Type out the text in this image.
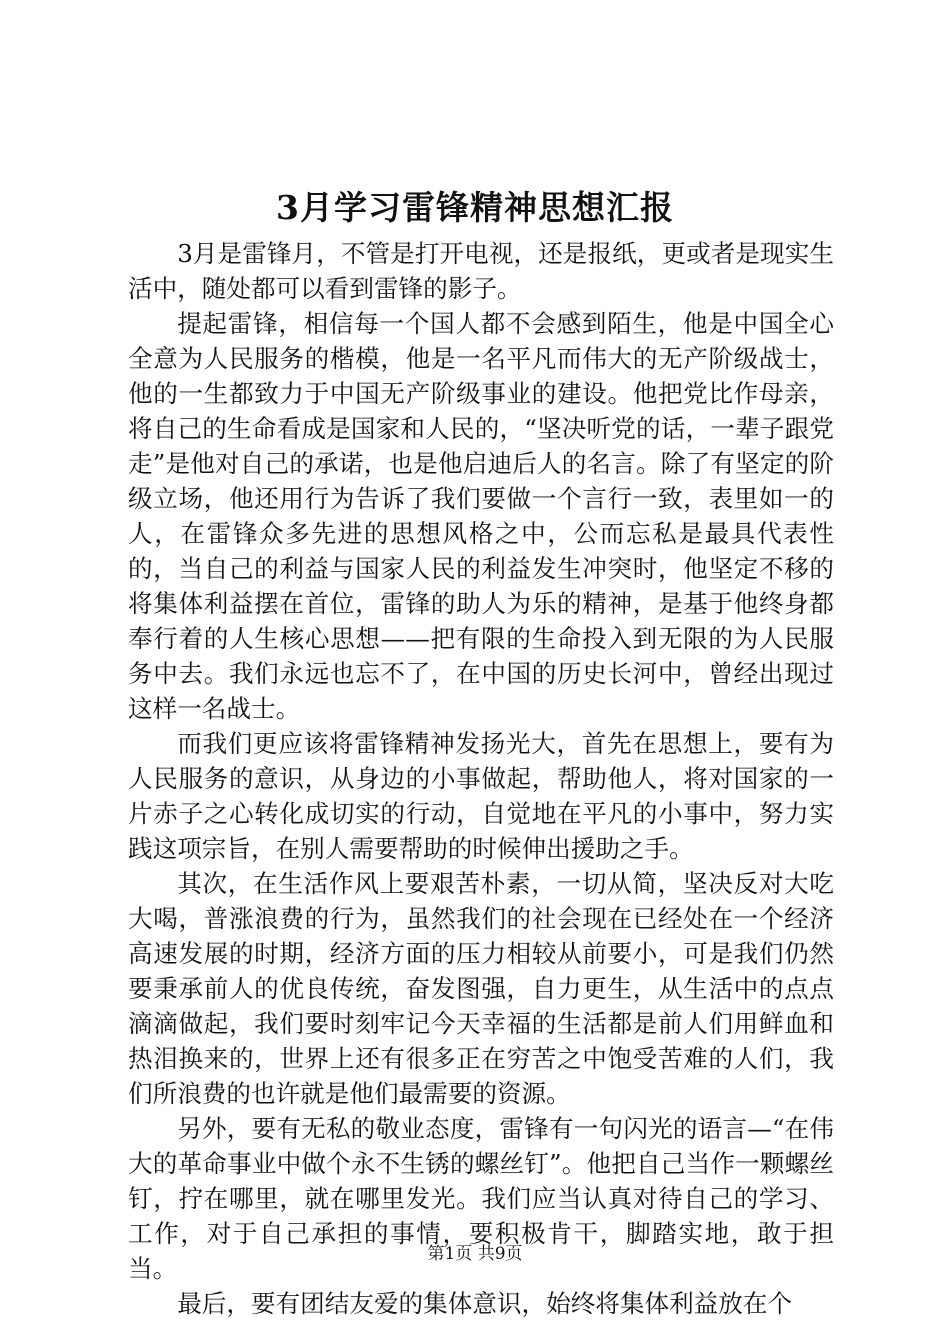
3月学习雷锋精神思想汇报

3月是雷锋月，不管是打开电视，还是报纸，更或者是现实生活中，随处都可以看到雷锋的影子。

提起雷锋，相信每一个国人都不会感到陌生，他是中国全心全意为人民服务的楷模，他是一名平凡而伟大的无产阶级战士，他的一生都致力于中国无产阶级事业的建设。他把党比作母亲，将自己的生命看成是国家和人民的，“坚决听党的话，一辈子跟党走”是他对自己的承诺，也是他启迪后人的名言。除了有坚定的阶级立场，他还用行为告诉了我们要做一个言行一致，表里如一的人，在雷锋众多先进的思想风格之中，公而忘私是最具代表性的，当自己的利益与国家人民的利益发生冲突时，他坚定不移的将集体利益摆在首位，雷锋的助人为乐的精神，是基于他终身都奉行着的人生核心思想——把有限的生命投入到无限的为人民服务中去。我们永远也忘不了，在中国的历史长河中，曾经出现过这样一名战士。

而我们更应该将雷锋精神发扬光大，首先在思想上，要有为人民服务的意识，从身边的小事做起，帮助他人，将对国家的一片赤子之心转化成切实的行动，自觉地在平凡的小事中，努力实践这项宗旨，在别人需要帮助的时候伸出援助之手。

其次，在生活作风上要艰苦朴素，一切从简，坚决反对大吃大喝，普涨浪费的行为，虽然我们的社会现在已经处在一个经济高速发展的时期，经济方面的压力相较从前要小，可是我们仍然要秉承前人的优良传统，奋发图强，自力更生，从生活中的点点滴滴做起，我们要时刻牢记今天幸福的生活都是前人们用鲜血和热泪换来的，世界上还有很多正在穷苦之中饱受苦难的人们，我们所浪费的也许就是他们最需要的资源。

另外，要有无私的敬业态度，雷锋有一句闪光的语言—“在伟大的革命事业中做个永不生锈的螺丝钉”。他把自己当作一颗螺丝钉，拧在哪里，就在哪里发光。我们应当认真对待自己的学习、工作，对于自己承担的事情，要积极肯干，脚踏实地，敢于担当。

最后，要有团结友爱的集体意识，始终将集体利益放在个

第1页 共9页
